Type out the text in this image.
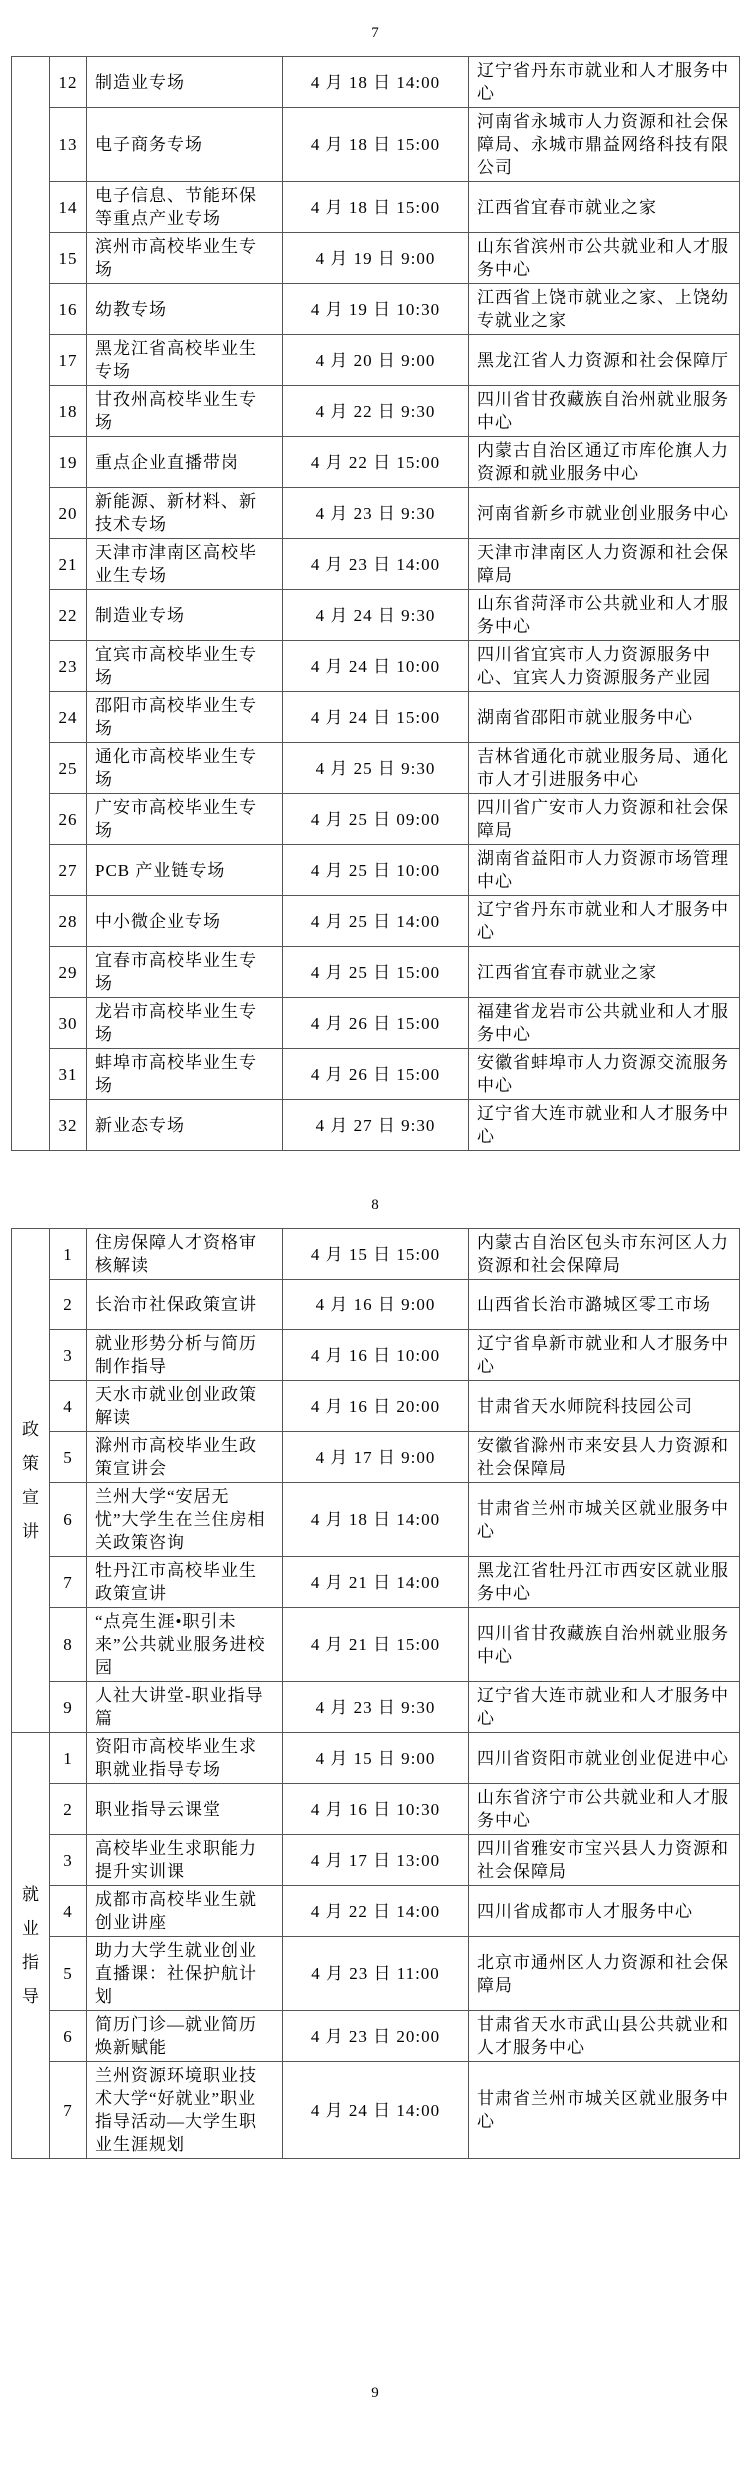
7
	12	制造业专场	4 月 18 日 14:00	辽宁省丹东市就业和人才服务中心
	13	电子商务专场	4 月 18 日 15:00	河南省永城市人力资源和社会保障局、永城市鼎益网络科技有限公司
	14	电子信息、节能环保等重点产业专场	4 月 18 日 15:00	江西省宜春市就业之家
	15	滨州市高校毕业生专场	4 月 19 日 9:00	山东省滨州市公共就业和人才服务中心
	16	幼教专场	4 月 19 日 10:30	江西省上饶市就业之家、上饶幼专就业之家
	17	黑龙江省高校毕业生专场	4 月 20 日 9:00	黑龙江省人力资源和社会保障厅
	18	甘孜州高校毕业生专场	4 月 22 日 9:30	四川省甘孜藏族自治州就业服务中心
	19	重点企业直播带岗	4 月 22 日 15:00	内蒙古自治区通辽市库伦旗人力资源和就业服务中心
	20	新能源、新材料、新技术专场	4 月 23 日 9:30	河南省新乡市就业创业服务中心
	21	天津市津南区高校毕业生专场	4 月 23 日 14:00	天津市津南区人力资源和社会保障局
	22	制造业专场	4 月 24 日 9:30	山东省菏泽市公共就业和人才服务中心
	23	宜宾市高校毕业生专场	4 月 24 日 10:00	四川省宜宾市人力资源服务中心、宜宾人力资源服务产业园
	24	邵阳市高校毕业生专场	4 月 24 日 15:00	湖南省邵阳市就业服务中心
	25	通化市高校毕业生专场	4 月 25 日 9:30	吉林省通化市就业服务局、通化市人才引进服务中心
	26	广安市高校毕业生专场	4 月 25 日 09:00	四川省广安市人力资源和社会保障局
	27	PCB 产业链专场	4 月 25 日 10:00	湖南省益阳市人力资源市场管理中心
	28	中小微企业专场	4 月 25 日 14:00	辽宁省丹东市就业和人才服务中心
	29	宜春市高校毕业生专场	4 月 25 日 15:00	江西省宜春市就业之家
	30	龙岩市高校毕业生专场	4 月 26 日 15:00	福建省龙岩市公共就业和人才服务中心
	31	蚌埠市高校毕业生专场	4 月 26 日 15:00	安徽省蚌埠市人力资源交流服务中心
	32	新业态专场	4 月 27 日 9:30	辽宁省大连市就业和人才服务中心
8
政策宣讲	1	住房保障人才资格审核解读	4 月 15 日 15:00	内蒙古自治区包头市东河区人力资源和社会保障局
	2	长治市社保政策宣讲	4 月 16 日 9:00	山西省长治市潞城区零工市场
	3	就业形势分析与简历制作指导	4 月 16 日 10:00	辽宁省阜新市就业和人才服务中心
	4	天水市就业创业政策解读	4 月 16 日 20:00	甘肃省天水师院科技园公司
	5	滁州市高校毕业生政策宣讲会	4 月 17 日 9:00	安徽省滁州市来安县人力资源和社会保障局
	6	兰州大学“安居无忧”大学生在兰住房相关政策咨询	4 月 18 日 14:00	甘肃省兰州市城关区就业服务中心
	7	牡丹江市高校毕业生政策宣讲	4 月 21 日 14:00	黑龙江省牡丹江市西安区就业服务中心
	8	“点亮生涯•职引未来”公共就业服务进校园	4 月 21 日 15:00	四川省甘孜藏族自治州就业服务中心
	9	人社大讲堂-职业指导篇	4 月 23 日 9:30	辽宁省大连市就业和人才服务中心

就业指导	1	资阳市高校毕业生求职就业指导专场	4 月 15 日 9:00	四川省资阳市就业创业促进中心
	2	职业指导云课堂	4 月 16 日 10:30	山东省济宁市公共就业和人才服务中心
	3	高校毕业生求职能力提升实训课	4 月 17 日 13:00	四川省雅安市宝兴县人力资源和社会保障局
	4	成都市高校毕业生就创业讲座	4 月 22 日 14:00	四川省成都市人才服务中心
	5	助力大学生就业创业直播课：社保护航计划	4 月 23 日 11:00	北京市通州区人力资源和社会保障局
	6	简历门诊—就业简历焕新赋能	4 月 23 日 20:00	甘肃省天水市武山县公共就业和人才服务中心
	7	兰州资源环境职业技术大学“好就业”职业指导活动—大学生职业生涯规划	4 月 24 日 14:00	甘肃省兰州市城关区就业服务中心
9
